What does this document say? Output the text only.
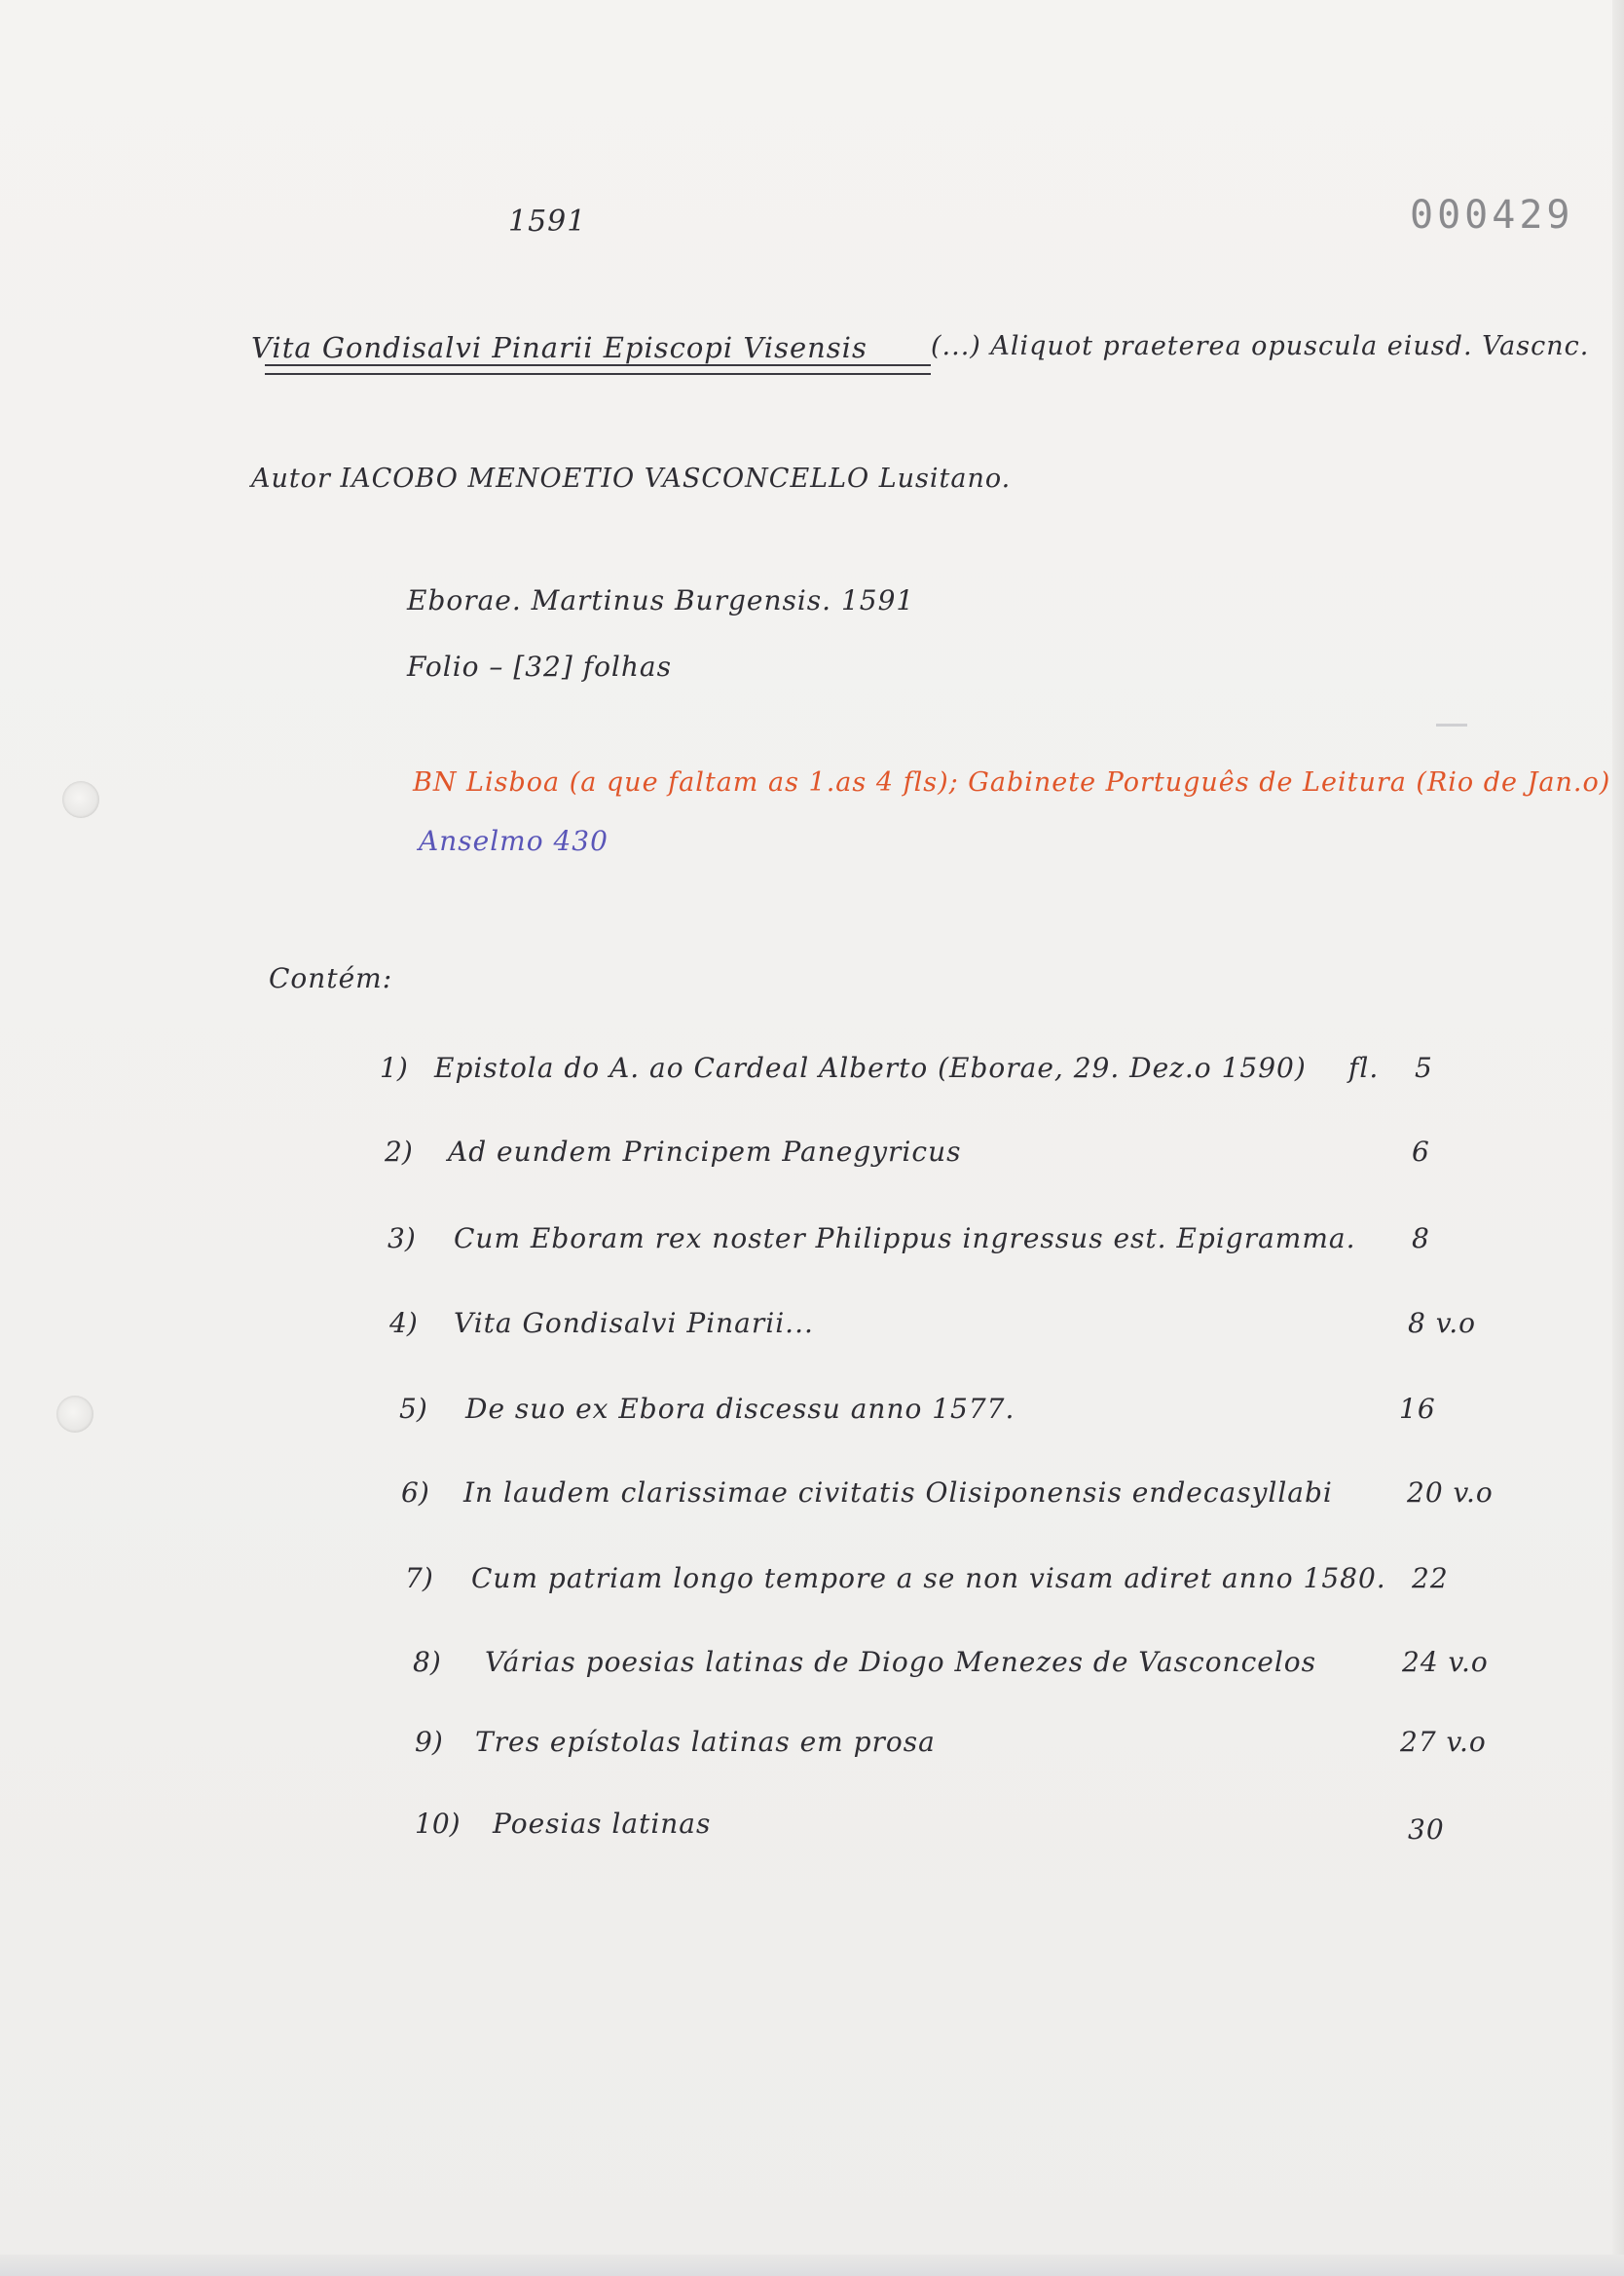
1591	000429
Vita Gondisalvi Pinarii Episcopi Visensis (...) Aliquot praeterea opuscula eiusd. Vascnc.
Autor IACOBO MENOETIO VASCONCELLO Lusitano.
Eborae. Martinus Burgensis. 1591
Folio – [32] folhas
BN Lisboa (a que faltam as 1.as 4 fls); Gabinete Português de Leitura (Rio de Jan.o)
Anselmo 430
Contém:
1) Epistola do A. ao Cardeal Alberto (Eborae, 29. Dez.o 1590) fl. 5
2) Ad eundem Principem Panegyricus	6
3) Cum Eboram rex noster Philippus ingressus est. Epigramma. 8
4) Vita Gondisalvi Pinarii...	8 v.o
5) De suo ex Ebora discessu anno 1577.	16
6) In laudem clarissimae civitatis Olisiponensis endecasyllabi	20 v.o
7) Cum patriam longo tempore a se non visam adiret anno 1580. 22
8) Várias poesias latinas de Diogo Menezes de Vasconcelos	24 v.o
9) Tres epístolas latinas em prosa	27 v.o
10) Poesias latinas	30
